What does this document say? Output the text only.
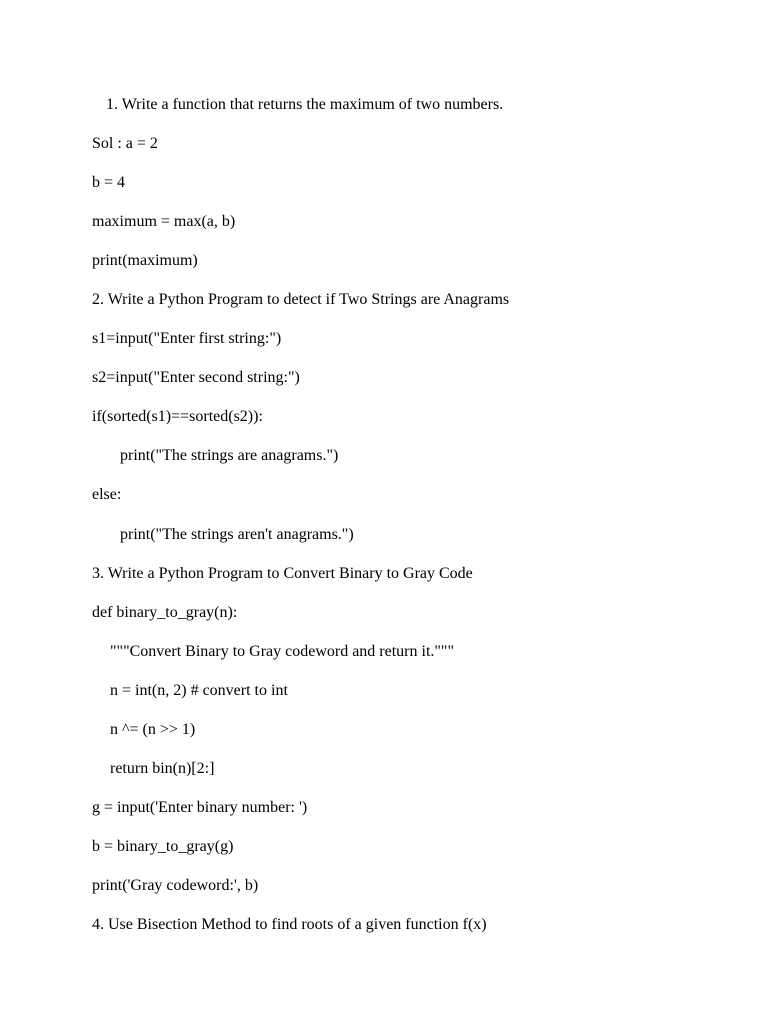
1. Write a function that returns the maximum of two numbers.

Sol : a = 2

b = 4

maximum = max(a, b)

print(maximum)

2. Write a Python Program to detect if Two Strings are Anagrams

s1=input("Enter first string:")

s2=input("Enter second string:")

if(sorted(s1)==sorted(s2)):

print("The strings are anagrams.")

else:

print("The strings aren't anagrams.")

3. Write a Python Program to Convert Binary to Gray Code

def binary_to_gray(n):

"""Convert Binary to Gray codeword and return it."""

n = int(n, 2) # convert to int

n ^= (n >> 1)

return bin(n)[2:]

g = input('Enter binary number: ')

b = binary_to_gray(g)

print('Gray codeword:', b)

4. Use Bisection Method to find roots of a given function f(x)
